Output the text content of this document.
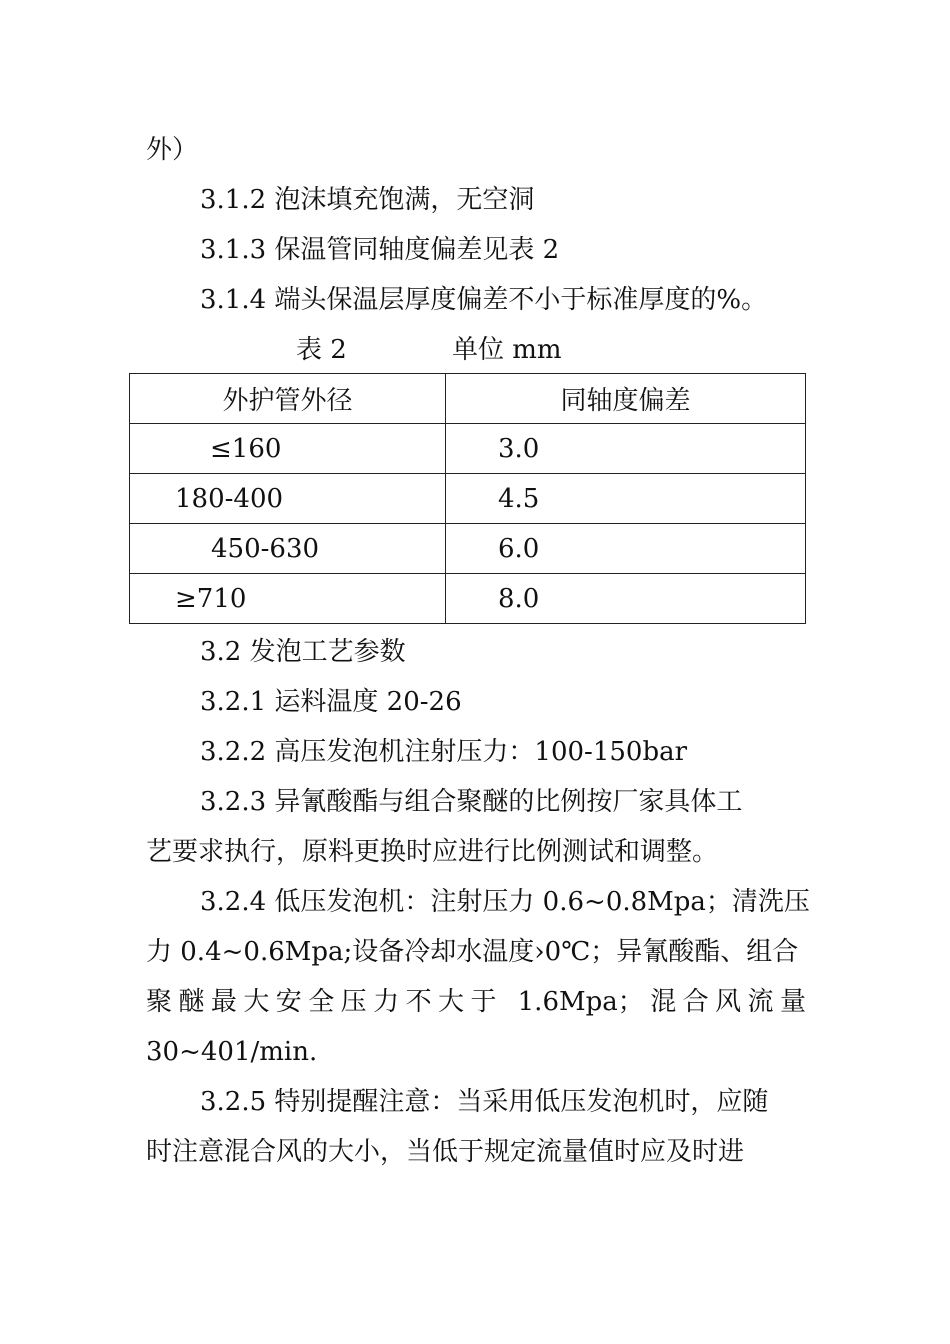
外）
3.1.2 泡沫填充饱满，无空洞
3.1.3 保温管同轴度偏差见表 2
3.1.4 端头保温层厚度偏差不小于标准厚度的%。
表 2	单位 mm
外护管外径	同轴度偏差
≤160	3.0
180-400	4.5
450-630	6.0
≥710	8.0
3.2 发泡工艺参数
3.2.1 运料温度 20-26
3.2.2 高压发泡机注射压力：100-150bar
3.2.3 异氰酸酯与组合聚醚的比例按厂家具体工
艺要求执行，原料更换时应进行比例测试和调整。
3.2.4 低压发泡机：注射压力 0.6~0.8Mpa；清洗压
力 0.4~0.6Mpa;设备冷却水温度›0℃；异氰酸酯、组合
聚醚最大安全压力不大于 1.6Mpa；混合风流量
30~401/min.
3.2.5 特别提醒注意：当采用低压发泡机时，应随
时注意混合风的大小，当低于规定流量值时应及时进
